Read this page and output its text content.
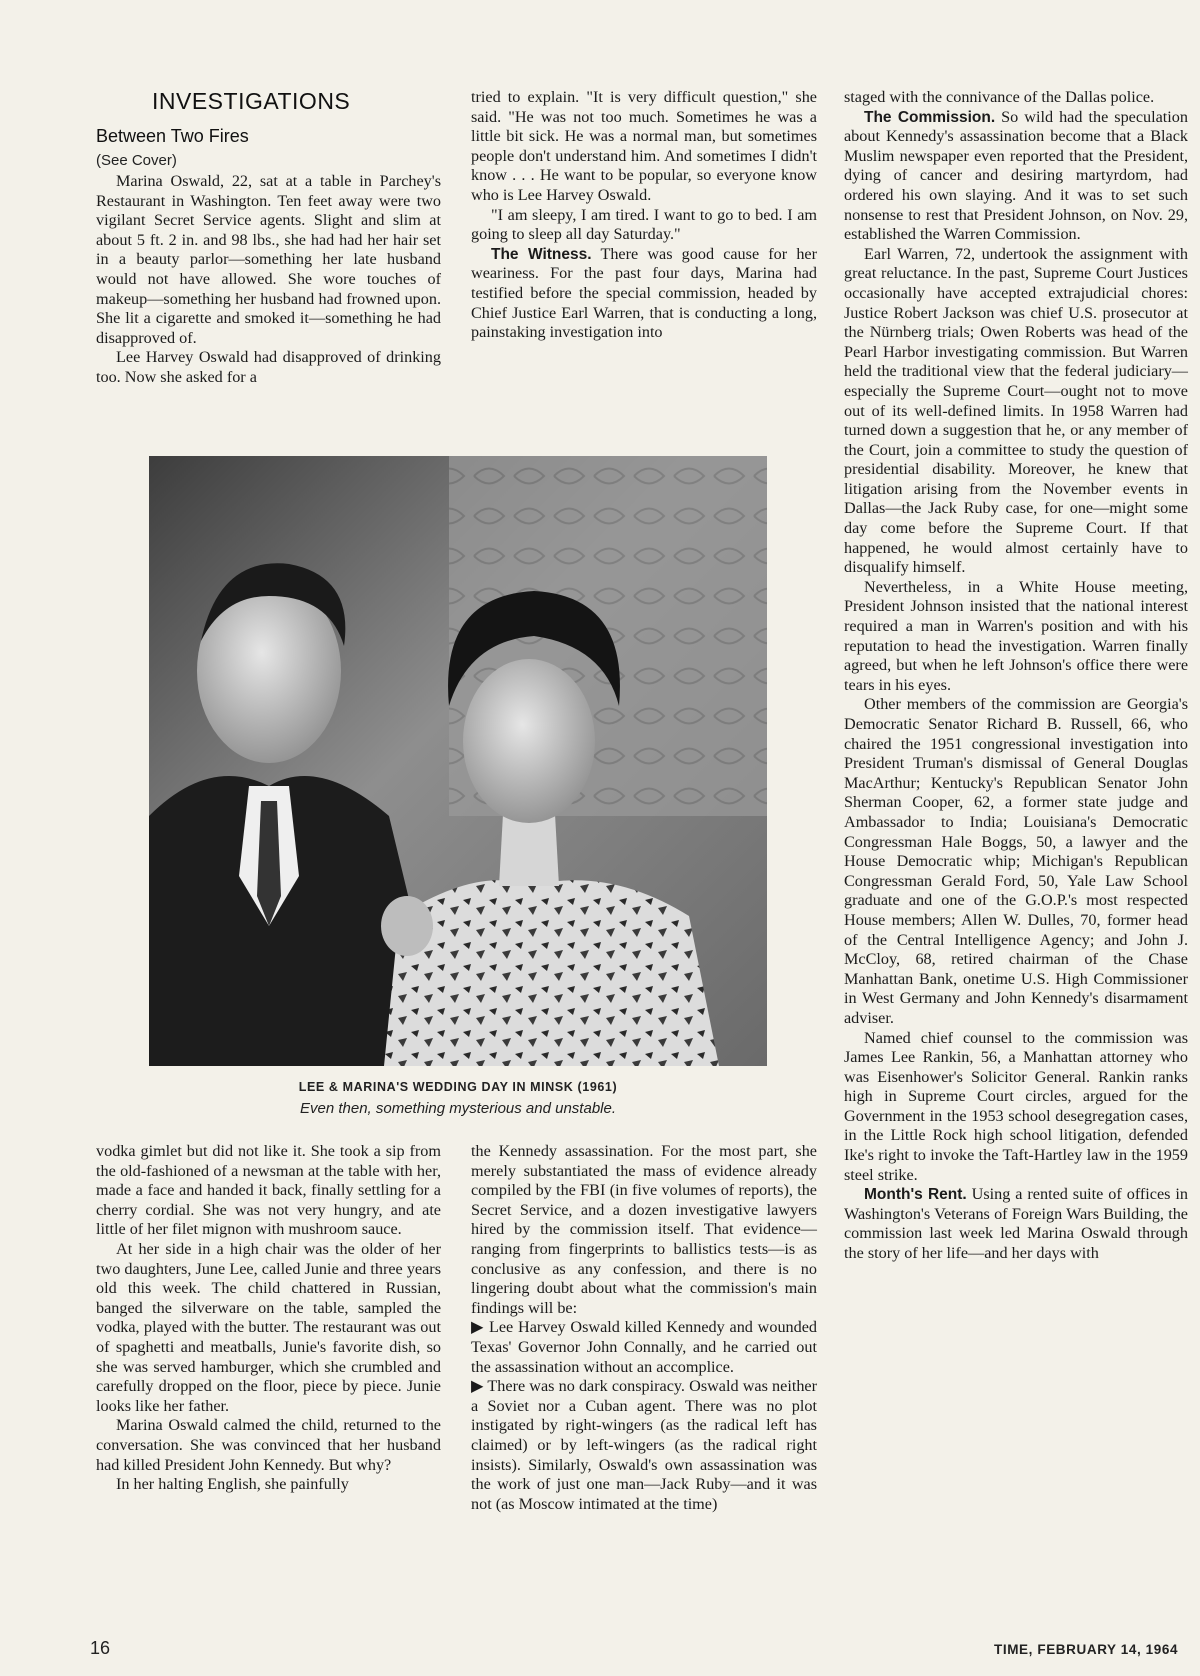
INVESTIGATIONS
Between Two Fires
(See Cover)

Marina Oswald, 22, sat at a table in Parchey's Restaurant in Washington. Ten feet away were two vigilant Secret Service agents. Slight and slim at about 5 ft. 2 in. and 98 lbs., she had had her hair set in a beauty parlor—something her late husband would not have allowed. She wore touches of makeup—something her husband had frowned upon. She lit a cigarette and smoked it—something he had disapproved of.

Lee Harvey Oswald had disapproved of drinking too. Now she asked for a

tried to explain. "It is very difficult question," she said. "He was not too much. Sometimes he was a little bit sick. He was a normal man, but sometimes people don't understand him. And sometimes I didn't know . . . He want to be popular, so everyone know who is Lee Harvey Oswald.

"I am sleepy, I am tired. I want to go to bed. I am going to sleep all day Saturday."

The Witness. There was good cause for her weariness. For the past four days, Marina had testified before the special commission, headed by Chief Justice Earl Warren, that is conducting a long, painstaking investigation into

staged with the connivance of the Dallas police.

The Commission. So wild had the speculation about Kennedy's assassination become that a Black Muslim newspaper even reported that the President, dying of cancer and desiring martyrdom, had ordered his own slaying. And it was to set such nonsense to rest that President Johnson, on Nov. 29, established the Warren Commission.

Earl Warren, 72, undertook the assignment with great reluctance. In the past, Supreme Court Justices occasionally have accepted extrajudicial chores: Justice Robert Jackson was chief U.S. prosecutor at the Nürnberg trials; Owen Roberts was head of the Pearl Harbor investigating commission. But Warren held the traditional view that the federal judiciary—especially the Supreme Court—ought not to move out of its well-defined limits. In 1958 Warren had turned down a suggestion that he, or any member of the Court, join a committee to study the question of presidential disability. Moreover, he knew that litigation arising from the November events in Dallas—the Jack Ruby case, for one—might some day come before the Supreme Court. If that happened, he would almost certainly have to disqualify himself.

Nevertheless, in a White House meeting, President Johnson insisted that the national interest required a man in Warren's position and with his reputation to head the investigation. Warren finally agreed, but when he left Johnson's office there were tears in his eyes.

Other members of the commission are Georgia's Democratic Senator Richard B. Russell, 66, who chaired the 1951 congressional investigation into President Truman's dismissal of General Douglas MacArthur; Kentucky's Republican Senator John Sherman Cooper, 62, a former state judge and Ambassador to India; Louisiana's Democratic Congressman Hale Boggs, 50, a lawyer and the House Democratic whip; Michigan's Republican Congressman Gerald Ford, 50, Yale Law School graduate and one of the G.O.P.'s most respected House members; Allen W. Dulles, 70, former head of the Central Intelligence Agency; and John J. McCloy, 68, retired chairman of the Chase Manhattan Bank, onetime U.S. High Commissioner in West Germany and John Kennedy's disarmament adviser.

Named chief counsel to the commission was James Lee Rankin, 56, a Manhattan attorney who was Eisenhower's Solicitor General. Rankin ranks high in Supreme Court circles, argued for the Government in the 1953 school desegregation cases, in the Little Rock high school litigation, defended Ike's right to invoke the Taft-Hartley law in the 1959 steel strike.

Month's Rent. Using a rented suite of offices in Washington's Veterans of Foreign Wars Building, the commission last week led Marina Oswald through the story of her life—and her days with

LEE & MARINA'S WEDDING DAY IN MINSK (1961)
Even then, something mysterious and unstable.

vodka gimlet but did not like it. She took a sip from the old-fashioned of a newsman at the table with her, made a face and handed it back, finally settling for a cherry cordial. She was not very hungry, and ate little of her filet mignon with mushroom sauce.

At her side in a high chair was the older of her two daughters, June Lee, called Junie and three years old this week. The child chattered in Russian, banged the silverware on the table, sampled the vodka, played with the butter. The restaurant was out of spaghetti and meatballs, Junie's favorite dish, so she was served hamburger, which she crumbled and carefully dropped on the floor, piece by piece. Junie looks like her father.

Marina Oswald calmed the child, returned to the conversation. She was convinced that her husband had killed President John Kennedy. But why?

In her halting English, she painfully

the Kennedy assassination. For the most part, she merely substantiated the mass of evidence already compiled by the FBI (in five volumes of reports), the Secret Service, and a dozen investigative lawyers hired by the commission itself. That evidence—ranging from fingerprints to ballistics tests—is as conclusive as any confession, and there is no lingering doubt about what the commission's main findings will be:

▶ Lee Harvey Oswald killed Kennedy and wounded Texas' Governor John Connally, and he carried out the assassination without an accomplice.

▶ There was no dark conspiracy. Oswald was neither a Soviet nor a Cuban agent. There was no plot instigated by right-wingers (as the radical left has claimed) or by left-wingers (as the radical right insists). Similarly, Oswald's own assassination was the work of just one man—Jack Ruby—and it was not (as Moscow intimated at the time)

16	TIME, FEBRUARY 14, 1964
